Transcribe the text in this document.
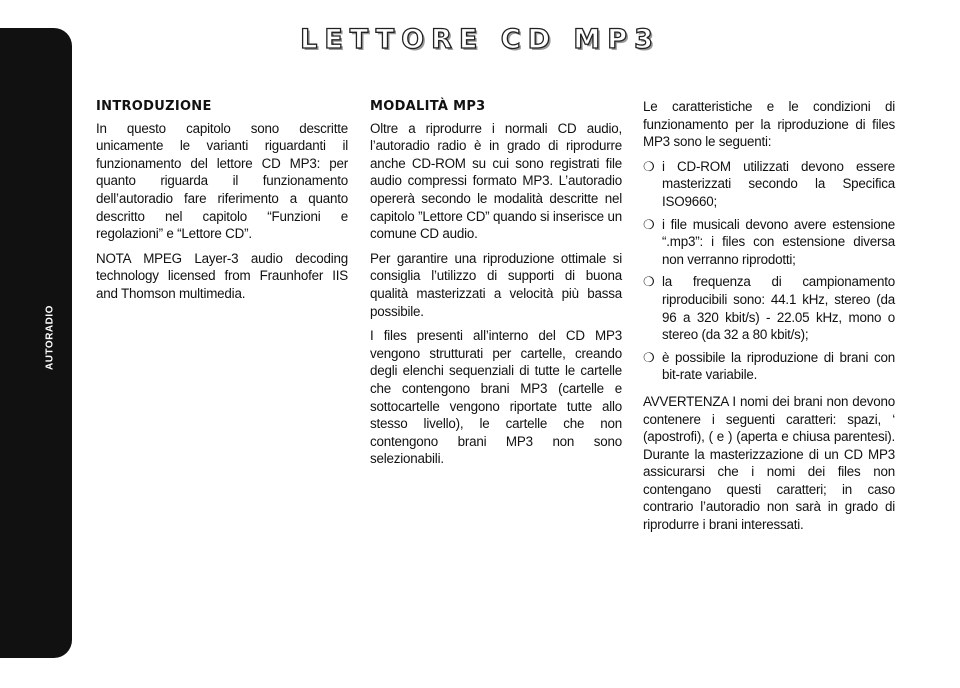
AUTORADIO
274
LETTORE CD MP3
INTRODUZIONE

In questo capitolo sono descritte unicamente le varianti riguardanti il funzionamento del lettore CD MP3: per quanto riguarda il funzionamento dell’autoradio fare riferimento a quanto descritto nel capitolo “Funzioni e regolazioni” e “Lettore CD”.

NOTA MPEG Layer-3 audio decoding technology licensed from Fraunhofer IIS and Thomson multimedia.

MODALITÀ MP3

Oltre a riprodurre i normali CD audio, l’autoradio radio è in grado di riprodurre anche CD-ROM su cui sono registrati file audio compressi formato MP3. L’autoradio opererà secondo le modalità descritte nel capitolo ”Lettore CD” quando si inserisce un comune CD audio.

Per garantire una riproduzione ottimale si consiglia l’utilizzo di supporti di buona qualità masterizzati a velocità più bassa possibile.

I files presenti all’interno del CD MP3 vengono strutturati per cartelle, creando degli elenchi sequenziali di tutte le cartelle che contengono brani MP3 (cartelle e sottocartelle vengono riportate tutte allo stesso livello), le cartelle che non contengono brani MP3 non sono selezionabili.

Le caratteristiche e le condizioni di funzionamento per la riproduzione di files MP3 sono le seguenti:

❍ i CD-ROM utilizzati devono essere masterizzati secondo la Specifica ISO9660;
❍ i file musicali devono avere estensione “.mp3”: i files con estensione diversa non verranno riprodotti;
❍ la frequenza di campionamento riproducibili sono: 44.1 kHz, stereo (da 96 a 320 kbit/s) - 22.05 kHz, mono o stereo (da 32 a 80 kbit/s);
❍ è possibile la riproduzione di brani con bit-rate variabile.

AVVERTENZA I nomi dei brani non devono contenere i seguenti caratteri: spazi, ‘ (apostrofi), ( e ) (aperta e chiusa parentesi). Durante la masterizzazione di un CD MP3 assicurarsi che i nomi dei files non contengano questi caratteri; in caso contrario l’autoradio non sarà in grado di riprodurre i brani interessati.
